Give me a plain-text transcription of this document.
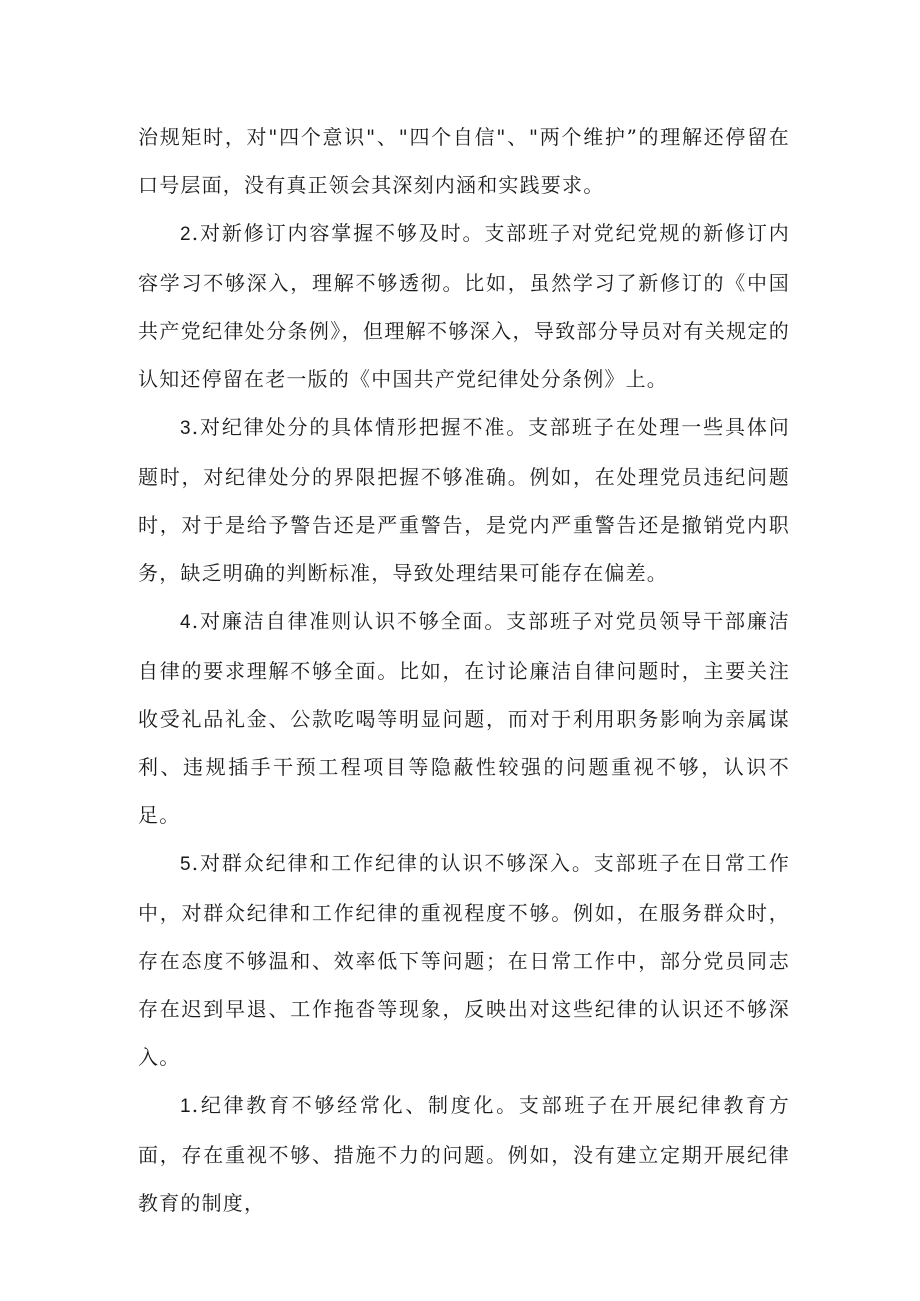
治规矩时，对"四个意识"、"四个自信"、"两个维护”的理解还停留在口号层面，没有真正领会其深刻内涵和实践要求。

2.对新修订内容掌握不够及时。支部班子对党纪党规的新修订内容学习不够深入，理解不够透彻。比如，虽然学习了新修订的《中国共产党纪律处分条例》，但理解不够深入，导致部分导员对有关规定的认知还停留在老一版的《中国共产党纪律处分条例》上。

3.对纪律处分的具体情形把握不准。支部班子在处理一些具体问题时，对纪律处分的界限把握不够准确。例如，在处理党员违纪问题时，对于是给予警告还是严重警告，是党内严重警告还是撤销党内职务，缺乏明确的判断标准，导致处理结果可能存在偏差。

4.对廉洁自律准则认识不够全面。支部班子对党员领导干部廉洁自律的要求理解不够全面。比如，在讨论廉洁自律问题时，主要关注收受礼品礼金、公款吃喝等明显问题，而对于利用职务影响为亲属谋利、违规插手干预工程项目等隐蔽性较强的问题重视不够，认识不足。

5.对群众纪律和工作纪律的认识不够深入。支部班子在日常工作中，对群众纪律和工作纪律的重视程度不够。例如，在服务群众时，存在态度不够温和、效率低下等问题；在日常工作中，部分党员同志存在迟到早退、工作拖沓等现象，反映出对这些纪律的认识还不够深入。

1.纪律教育不够经常化、制度化。支部班子在开展纪律教育方面，存在重视不够、措施不力的问题。例如，没有建立定期开展纪律教育的制度，
